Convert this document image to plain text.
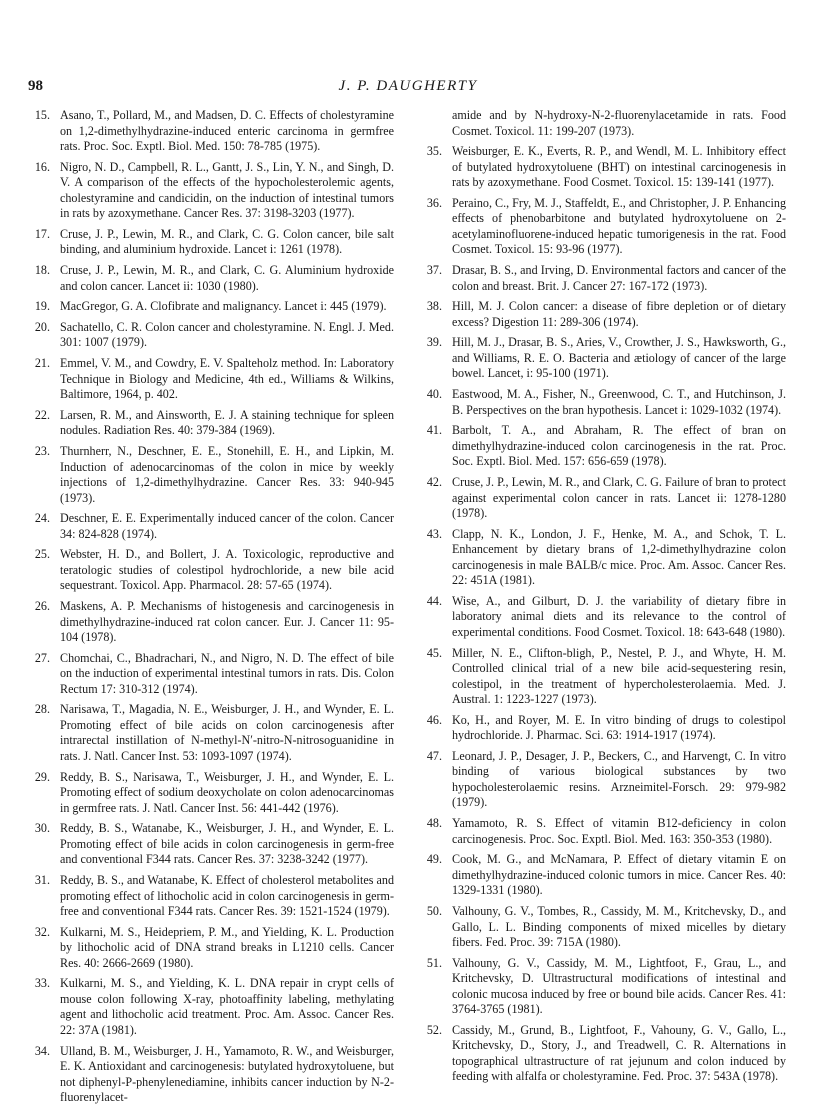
98	J. P. DAUGHERTY
15. Asano, T., Pollard, M., and Madsen, D. C. Effects of cholestyramine on 1,2-dimethylhydrazine-induced enteric carcinoma in germfree rats. Proc. Soc. Exptl. Biol. Med. 150: 78-785 (1975).
16. Nigro, N. D., Campbell, R. L., Gantt, J. S., Lin, Y. N., and Singh, D. V. A comparison of the effects of the hypocholesterolemic agents, cholestyramine and candicidin, on the induction of intestinal tumors in rats by azoxymethane. Cancer Res. 37: 3198-3203 (1977).
17. Cruse, J. P., Lewin, M. R., and Clark, C. G. Colon cancer, bile salt binding, and aluminium hydroxide. Lancet i: 1261 (1978).
18. Cruse, J. P., Lewin, M. R., and Clark, C. G. Aluminium hydroxide and colon cancer. Lancet ii: 1030 (1980).
19. MacGregor, G. A. Clofibrate and malignancy. Lancet i: 445 (1979).
20. Sachatello, C. R. Colon cancer and cholestyramine. N. Engl. J. Med. 301: 1007 (1979).
21. Emmel, V. M., and Cowdry, E. V. Spalteholz method. In: Laboratory Technique in Biology and Medicine, 4th ed., Williams & Wilkins, Baltimore, 1964, p. 402.
22. Larsen, R. M., and Ainsworth, E. J. A staining technique for spleen nodules. Radiation Res. 40: 379-384 (1969).
23. Thurnherr, N., Deschner, E. E., Stonehill, E. H., and Lipkin, M. Induction of adenocarcinomas of the colon in mice by weekly injections of 1,2-dimethylhydrazine. Cancer Res. 33: 940-945 (1973).
24. Deschner, E. E. Experimentally induced cancer of the colon. Cancer 34: 824-828 (1974).
25. Webster, H. D., and Bollert, J. A. Toxicologic, reproductive and teratologic studies of colestipol hydrochloride, a new bile acid sequestrant. Toxicol. App. Pharmacol. 28: 57-65 (1974).
26. Maskens, A. P. Mechanisms of histogenesis and carcinogenesis in dimethylhydrazine-induced rat colon cancer. Eur. J. Cancer 11: 95-104 (1978).
27. Chomchai, C., Bhadrachari, N., and Nigro, N. D. The effect of bile on the induction of experimental intestinal tumors in rats. Dis. Colon Rectum 17: 310-312 (1974).
28. Narisawa, T., Magadia, N. E., Weisburger, J. H., and Wynder, E. L. Promoting effect of bile acids on colon carcinogenesis after intrarectal instillation of N-methyl-N′-nitro-N-nitrosoguanidine in rats. J. Natl. Cancer Inst. 53: 1093-1097 (1974).
29. Reddy, B. S., Narisawa, T., Weisburger, J. H., and Wynder, E. L. Promoting effect of sodium deoxycholate on colon adenocarcinomas in germfree rats. J. Natl. Cancer Inst. 56: 441-442 (1976).
30. Reddy, B. S., Watanabe, K., Weisburger, J. H., and Wynder, E. L. Promoting effect of bile acids in colon carcinogenesis in germ-free and conventional F344 rats. Cancer Res. 37: 3238-3242 (1977).
31. Reddy, B. S., and Watanabe, K. Effect of cholesterol metabolites and promoting effect of lithocholic acid in colon carcinogenesis in germ-free and conventional F344 rats. Cancer Res. 39: 1521-1524 (1979).
32. Kulkarni, M. S., Heidepriem, P. M., and Yielding, K. L. Production by lithocholic acid of DNA strand breaks in L1210 cells. Cancer Res. 40: 2666-2669 (1980).
33. Kulkarni, M. S., and Yielding, K. L. DNA repair in crypt cells of mouse colon following X-ray, photoaffinity labeling, methylating agent and lithocholic acid treatment. Proc. Am. Assoc. Cancer Res. 22: 37A (1981).
34. Ulland, B. M., Weisburger, J. H., Yamamoto, R. W., and Weisburger, E. K. Antioxidant and carcinogenesis: butylated hydroxytoluene, but not diphenyl-P-phenylenediamine, inhibits cancer induction by N-2-fluorenylacet-
amide and by N-hydroxy-N-2-fluorenylacetamide in rats. Food Cosmet. Toxicol. 11: 199-207 (1973).
35. Weisburger, E. K., Everts, R. P., and Wendl, M. L. Inhibitory effect of butylated hydroxytoluene (BHT) on intestinal carcinogenesis in rats by azoxymethane. Food Cosmet. Toxicol. 15: 139-141 (1977).
36. Peraino, C., Fry, M. J., Staffeldt, E., and Christopher, J. P. Enhancing effects of phenobarbitone and butylated hydroxytoluene on 2-acetylaminofluorene-induced hepatic tumorigenesis in the rat. Food Cosmet. Toxicol. 15: 93-96 (1977).
37. Drasar, B. S., and Irving, D. Environmental factors and cancer of the colon and breast. Brit. J. Cancer 27: 167-172 (1973).
38. Hill, M. J. Colon cancer: a disease of fibre depletion or of dietary excess? Digestion 11: 289-306 (1974).
39. Hill, M. J., Drasar, B. S., Aries, V., Crowther, J. S., Hawksworth, G., and Williams, R. E. O. Bacteria and ætiology of cancer of the large bowel. Lancet, i: 95-100 (1971).
40. Eastwood, M. A., Fisher, N., Greenwood, C. T., and Hutchinson, J. B. Perspectives on the bran hypothesis. Lancet i: 1029-1032 (1974).
41. Barbolt, T. A., and Abraham, R. The effect of bran on dimethylhydrazine-induced colon carcinogenesis in the rat. Proc. Soc. Exptl. Biol. Med. 157: 656-659 (1978).
42. Cruse, J. P., Lewin, M. R., and Clark, C. G. Failure of bran to protect against experimental colon cancer in rats. Lancet ii: 1278-1280 (1978).
43. Clapp, N. K., London, J. F., Henke, M. A., and Schok, T. L. Enhancement by dietary brans of 1,2-dimethylhydrazine colon carcinogenesis in male BALB/c mice. Proc. Am. Assoc. Cancer Res. 22: 451A (1981).
44. Wise, A., and Gilburt, D. J. the variability of dietary fibre in laboratory animal diets and its relevance to the control of experimental conditions. Food Cosmet. Toxicol. 18: 643-648 (1980).
45. Miller, N. E., Clifton-bligh, P., Nestel, P. J., and Whyte, H. M. Controlled clinical trial of a new bile acid-sequestering resin, colestipol, in the treatment of hypercholesterolaemia. Med. J. Austral. 1: 1223-1227 (1973).
46. Ko, H., and Royer, M. E. In vitro binding of drugs to colestipol hydrochloride. J. Pharmac. Sci. 63: 1914-1917 (1974).
47. Leonard, J. P., Desager, J. P., Beckers, C., and Harvengt, C. In vitro binding of various biological substances by two hypocholesterolaemic resins. Arzneimitel-Forsch. 29: 979-982 (1979).
48. Yamamoto, R. S. Effect of vitamin B12-deficiency in colon carcinogenesis. Proc. Soc. Exptl. Biol. Med. 163: 350-353 (1980).
49. Cook, M. G., and McNamara, P. Effect of dietary vitamin E on dimethylhydrazine-induced colonic tumors in mice. Cancer Res. 40: 1329-1331 (1980).
50. Valhouny, G. V., Tombes, R., Cassidy, M. M., Kritchevsky, D., and Gallo, L. L. Binding components of mixed micelles by dietary fibers. Fed. Proc. 39: 715A (1980).
51. Valhouny, G. V., Cassidy, M. M., Lightfoot, F., Grau, L., and Kritchevsky, D. Ultrastructural modifications of intestinal and colonic mucosa induced by free or bound bile acids. Cancer Res. 41: 3764-3765 (1981).
52. Cassidy, M., Grund, B., Lightfoot, F., Vahouny, G. V., Gallo, L., Kritchevsky, D., Story, J., and Treadwell, C. R. Alternations in topographical ultrastructure of rat jejunum and colon induced by feeding with alfalfa or cholestyramine. Fed. Proc. 37: 543A (1978).
